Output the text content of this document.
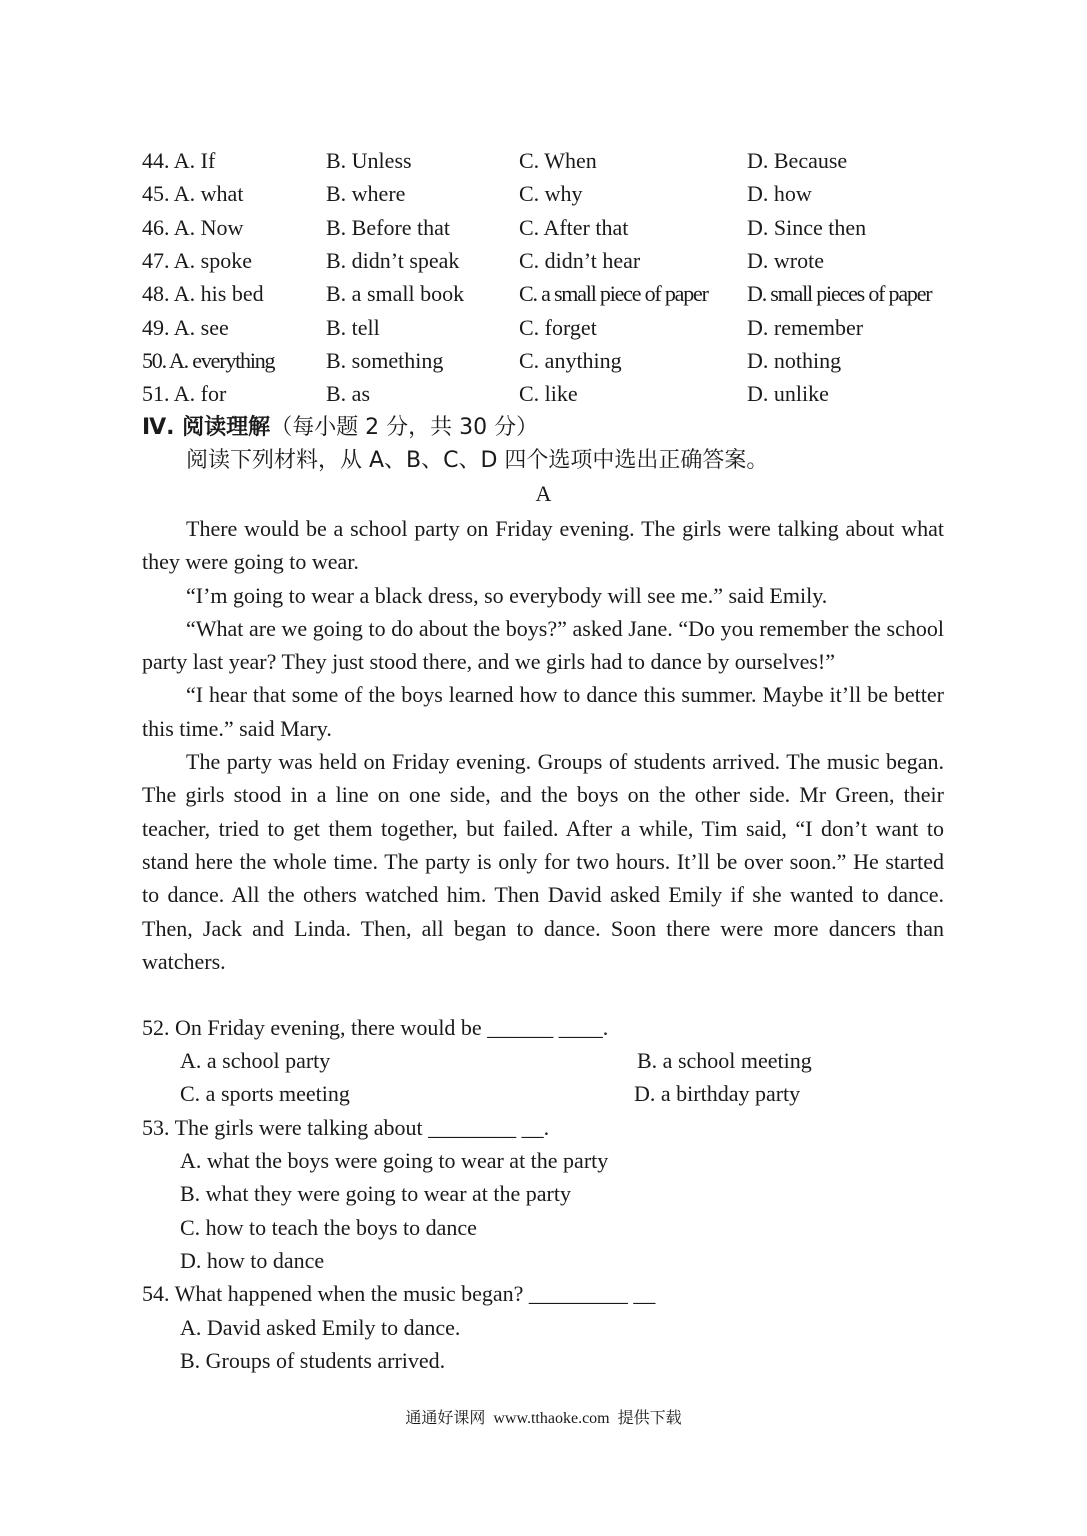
44. A. If	B. Unless	C. When	D. Because
45. A. what	B. where	C. why	D. how
46. A. Now	B. Before that	C. After that	D. Since then
47. A. spoke	B. didn’t speak	C. didn’t hear	D. wrote
48. A. his bed	B. a small book C. a small piece of paper D. small pieces of paper
49. A. see	B. tell	C. forget	D. remember
50. A. everything B. something	C. anything	D. nothing
51. A. for	B. as	C. like	D. unlike
Ⅳ. 阅读理解（每小题 2 分，共 30 分）
阅读下列材料，从 A、B、C、D 四个选项中选出正确答案。
A

There would be a school party on Friday evening. The girls were talking about what they were going to wear.

“I’m going to wear a black dress, so everybody will see me.” said Emily.

“What are we going to do about the boys?” asked Jane. “Do you remember the school party last year? They just stood there, and we girls had to dance by ourselves!”

“I hear that some of the boys learned how to dance this summer. Maybe it’ll be better this time.” said Mary.

The party was held on Friday evening. Groups of students arrived. The music began. The girls stood in a line on one side, and the boys on the other side. Mr Green, their teacher, tried to get them together, but failed. After a while, Tim said, “I don’t want to stand here the whole time. The party is only for two hours. It’ll be over soon.” He started to dance. All the others watched him. Then David asked Emily if she wanted to dance. Then, Jack and Linda. Then, all began to dance. Soon there were more dancers than watchers.

52. On Friday evening, there would be ______ ____.
A. a school party	B. a school meeting
C. a sports meeting	D. a birthday party
53. The girls were talking about ________ __.
A. what the boys were going to wear at the party
B. what they were going to wear at the party
C. how to teach the boys to dance
D. how to dance
54. What happened when the music began? _________ __
A. David asked Emily to dance.
B. Groups of students arrived.
通通好课网 www.tthaoke.com 提供下载
